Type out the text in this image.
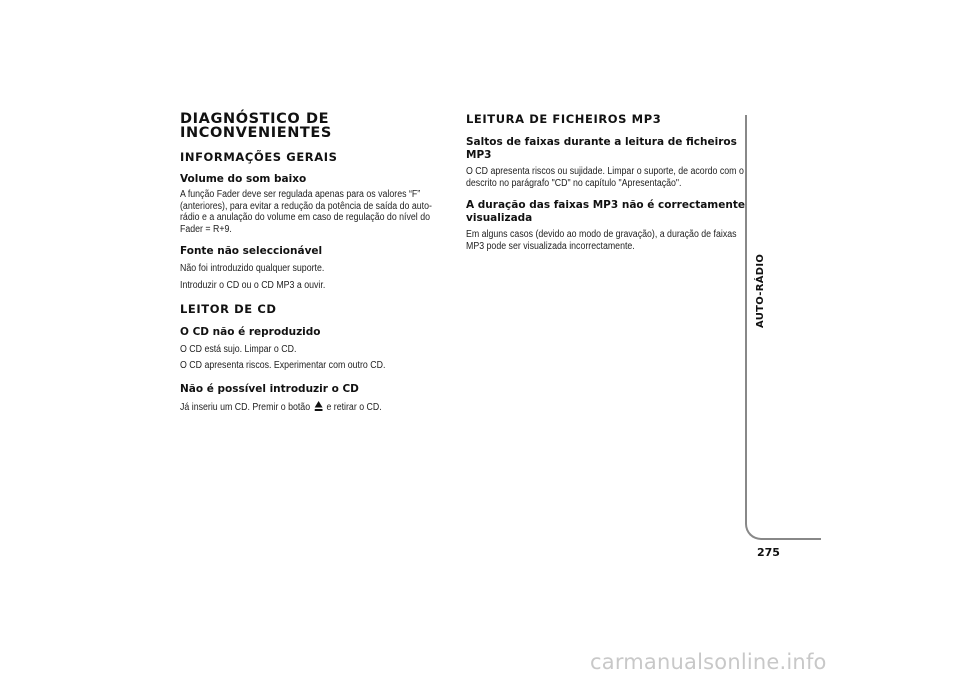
DIAGNÓSTICO DE
INCONVENIENTES
INFORMAÇÕES GERAIS
Volume do som baixo

A função Fader deve ser regulada apenas para os valores “F” (anteriores), para evitar a redução da potência de saída do auto-rádio e a anulação do volume em caso de regulação do nível do Fader = R+9.

Fonte não seleccionável

Não foi introduzido qualquer suporte.

Introduzir o CD ou o CD MP3 a ouvir.

LEITOR DE CD
O CD não é reproduzido

O CD está sujo. Limpar o CD.

O CD apresenta riscos. Experimentar com outro CD.

Não é possível introduzir o CD

Já inseriu um CD. Premir o botão e retirar o CD.

LEITURA DE FICHEIROS MP3
Saltos de faixas durante a leitura de ficheiros MP3

O CD apresenta riscos ou sujidade. Limpar o suporte, de acordo com o descrito no parágrafo "CD" no capítulo "Apresentação".

A duração das faixas MP3 não é correctamente visualizada

Em alguns casos (devido ao modo de gravação), a duração de faixas MP3 pode ser visualizada incorrectamente.

AUTO-RÁDIO
275
carmanualsonline.info
